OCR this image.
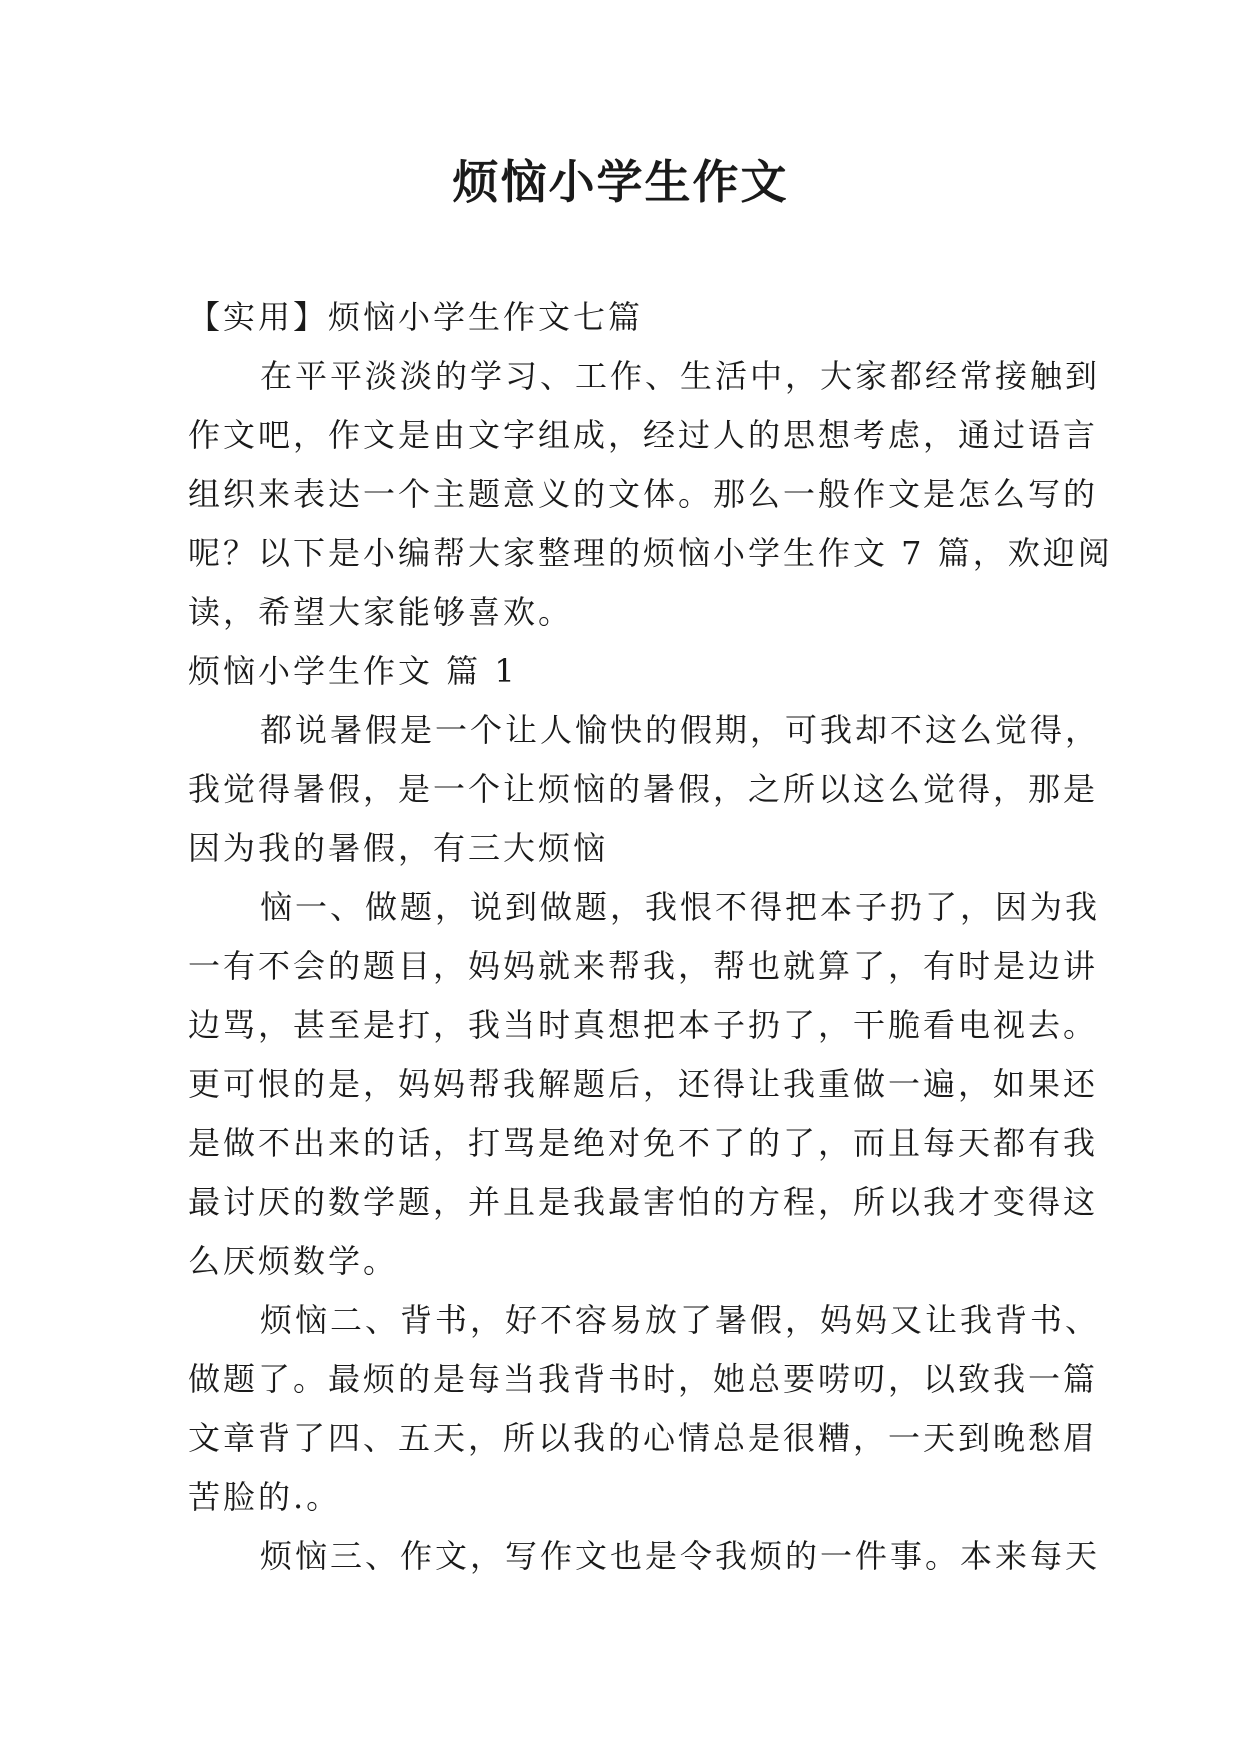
烦恼小学生作文
【实用】烦恼小学生作文七篇
在平平淡淡的学习、工作、生活中，大家都经常接触到
作文吧，作文是由文字组成，经过人的思想考虑，通过语言
组织来表达一个主题意义的文体。那么一般作文是怎么写的
呢？以下是小编帮大家整理的烦恼小学生作文 7 篇，欢迎阅
读，希望大家能够喜欢。
烦恼小学生作文 篇 1
都说暑假是一个让人愉快的假期，可我却不这么觉得，
我觉得暑假，是一个让烦恼的暑假，之所以这么觉得，那是
因为我的暑假，有三大烦恼
恼一、做题，说到做题，我恨不得把本子扔了，因为我
一有不会的题目，妈妈就来帮我，帮也就算了，有时是边讲
边骂，甚至是打，我当时真想把本子扔了，干脆看电视去。
更可恨的是，妈妈帮我解题后，还得让我重做一遍，如果还
是做不出来的话，打骂是绝对免不了的了，而且每天都有我
最讨厌的数学题，并且是我最害怕的方程，所以我才变得这
么厌烦数学。
烦恼二、背书，好不容易放了暑假，妈妈又让我背书、
做题了。最烦的是每当我背书时，她总要唠叨，以致我一篇
文章背了四、五天，所以我的心情总是很糟，一天到晚愁眉
苦脸的.。
烦恼三、作文，写作文也是令我烦的一件事。本来每天
